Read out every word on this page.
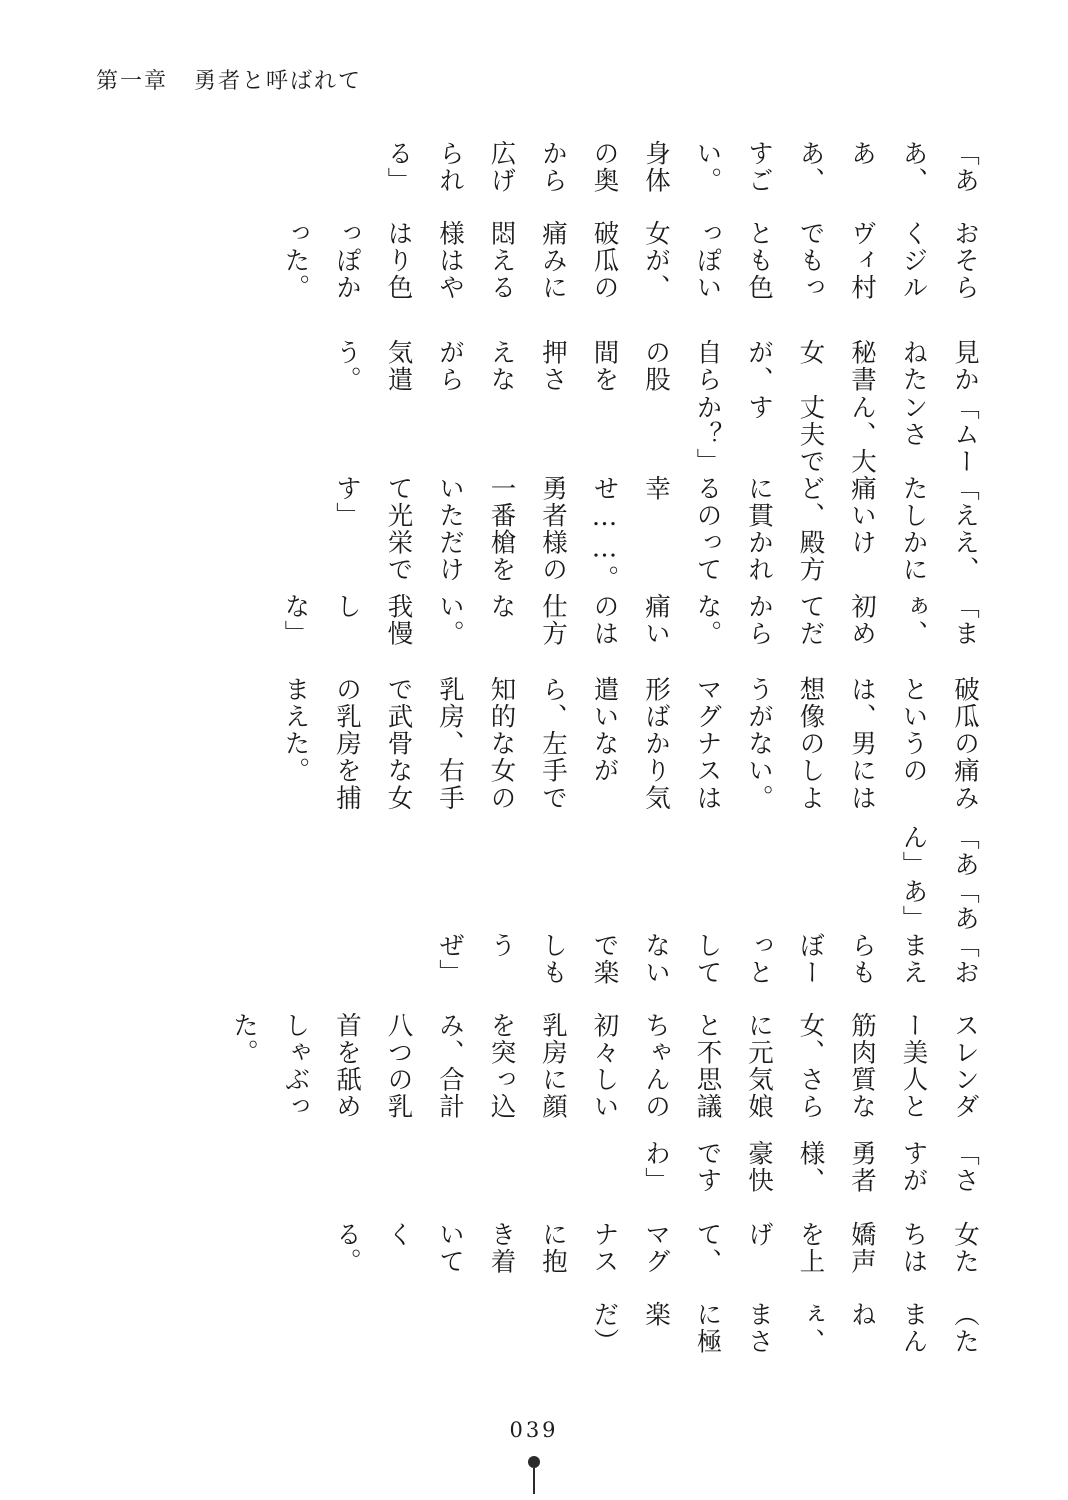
第一章 勇者と呼ばれて
「ああ、ああ、すごい。身体の奥から広げられる」
おそらくジルヴィ村でもっとも色っぽい女が、破瓜の痛みに悶える様はやはり色っぽかった。
見かねた秘書女が、自らの股間を押さえながら気遣う。
「ムーンさん、大丈夫ですか？」
「ええ、たしかに痛いけど、殿方に貫かれるのって幸せ……。勇者様の一番槍をいただけて光栄です」
「まぁ、初めてだからな。痛いのは仕方ない。我慢しな」
破瓜の痛みというのは、男には想像のしようがない。マグナスは形ばかり気遣いながら、左手で知的な女の乳房、右手で武骨な女の乳房を捕まえた。
「あん」
「ああ」
「おまえらもぼーっとしてないで楽しもうぜ」
スレンダー美人と筋肉質な女、さらに元気娘と不思議ちゃんの初々しい乳房に顔を突っ込み、合計八つの乳首を舐めしゃぶった。
「さすが勇者様、豪快ですわ」
女たちは嬌声を上げて、マグナスに抱き着いてくる。
（たまんねぇ、まさに極楽だ）
039
